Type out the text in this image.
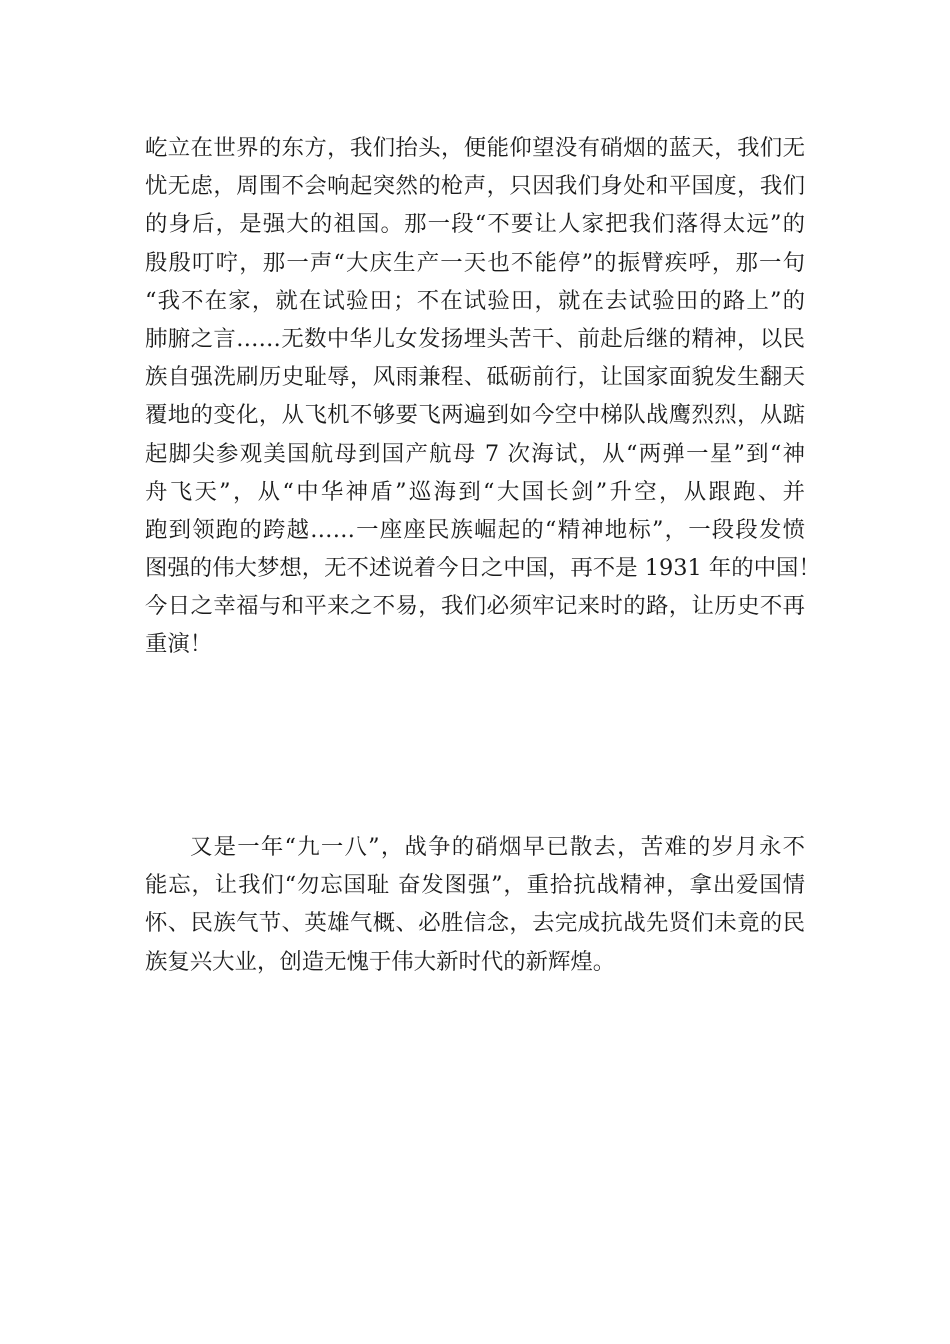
屹立在世界的东方，我们抬头，便能仰望没有硝烟的蓝天，我们无
忧无虑，周围不会响起突然的枪声，只因我们身处和平国度，我们
的身后，是强大的祖国。那一段“不要让人家把我们落得太远”的
殷殷叮咛，那一声“大庆生产一天也不能停”的振臂疾呼，那一句
“我不在家，就在试验田；不在试验田，就在去试验田的路上”的
肺腑之言……无数中华儿女发扬埋头苦干、前赴后继的精神，以民
族自强洗刷历史耻辱，风雨兼程、砥砺前行，让国家面貌发生翻天
覆地的变化，从飞机不够要飞两遍到如今空中梯队战鹰烈烈，从踮
起脚尖参观美国航母到国产航母 7 次海试，从“两弹一星”到“神
舟飞天”，从“中华神盾”巡海到“大国长剑”升空，从跟跑、并
跑到领跑的跨越……一座座民族崛起的“精神地标”，一段段发愤
图强的伟大梦想，无不述说着今日之中国，再不是 1931 年的中国！
今日之幸福与和平来之不易，我们必须牢记来时的路，让历史不再
重演！
又是一年“九一八”，战争的硝烟早已散去，苦难的岁月永不
能忘，让我们“勿忘国耻 奋发图强”，重拾抗战精神，拿出爱国情
怀、民族气节、英雄气概、必胜信念，去完成抗战先贤们未竟的民
族复兴大业，创造无愧于伟大新时代的新辉煌。
